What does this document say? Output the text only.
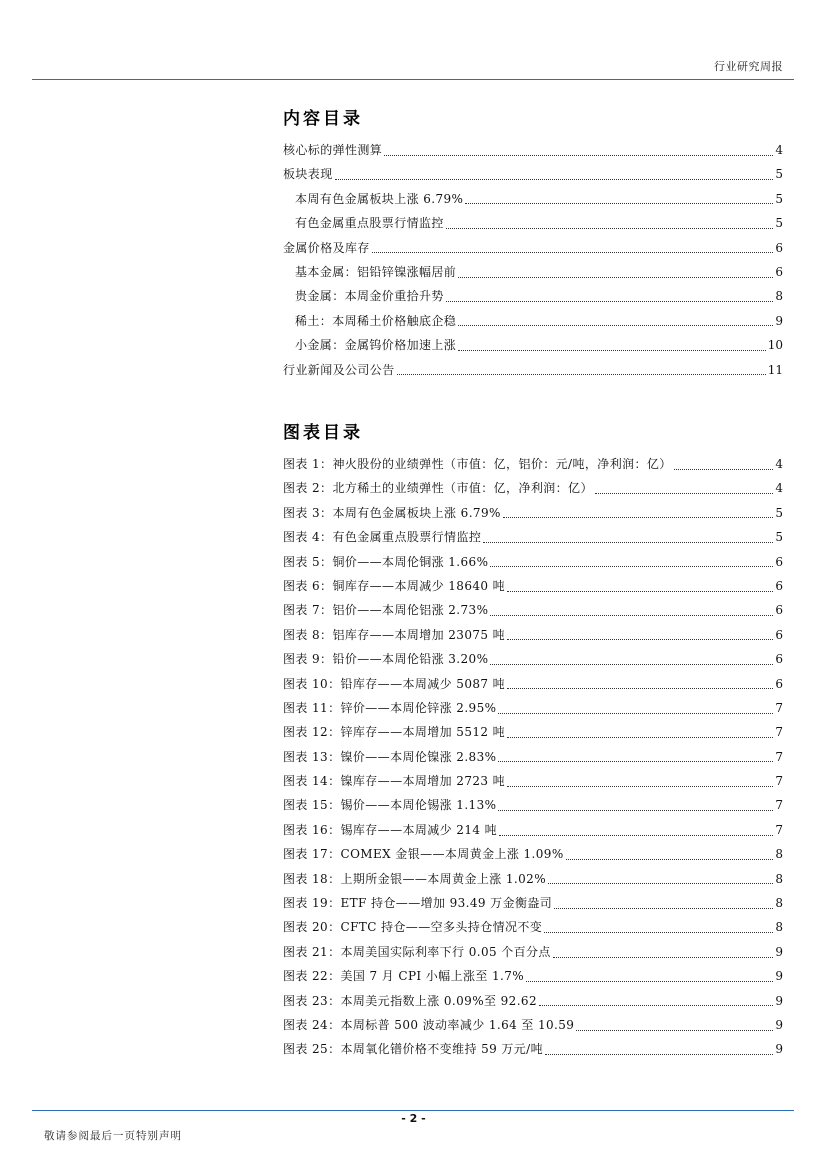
行业研究周报
内容目录
核心标的弹性测算	4
板块表现	5
本周有色金属板块上涨 6.79%	5
有色金属重点股票行情监控	5
金属价格及库存	6
基本金属：铝铅锌镍涨幅居前	6
贵金属：本周金价重拾升势	8
稀土：本周稀土价格触底企稳	9
小金属：金属钨价格加速上涨	10
行业新闻及公司公告	11
图表目录
图表 1：神火股份的业绩弹性（市值：亿，铝价：元/吨，净利润：亿）	4
图表 2：北方稀土的业绩弹性（市值：亿，净利润：亿）	4
图表 3：本周有色金属板块上涨 6.79%	5
图表 4：有色金属重点股票行情监控	5
图表 5：铜价——本周伦铜涨 1.66%	6
图表 6：铜库存——本周减少 18640 吨	6
图表 7：铝价——本周伦铝涨 2.73%	6
图表 8：铝库存——本周增加 23075 吨	6
图表 9：铅价——本周伦铅涨 3.20%	6
图表 10：铅库存——本周减少 5087 吨	6
图表 11：锌价——本周伦锌涨 2.95%	7
图表 12：锌库存——本周增加 5512 吨	7
图表 13：镍价——本周伦镍涨 2.83%	7
图表 14：镍库存——本周增加 2723 吨	7
图表 15：锡价——本周伦锡涨 1.13%	7
图表 16：锡库存——本周减少 214 吨	7
图表 17：COMEX 金银——本周黄金上涨 1.09%	8
图表 18：上期所金银——本周黄金上涨 1.02%	8
图表 19：ETF 持仓——增加 93.49 万金衡盎司	8
图表 20：CFTC 持仓——空多头持仓情况不变	8
图表 21：本周美国实际利率下行 0.05 个百分点	9
图表 22：美国 7 月 CPI 小幅上涨至 1.7%	9
图表 23：本周美元指数上涨 0.09%至 92.62	9
图表 24：本周标普 500 波动率减少 1.64 至 10.59	9
图表 25：本周氧化镨价格不变维持 59 万元/吨	9
- 2 -
敬请参阅最后一页特别声明
